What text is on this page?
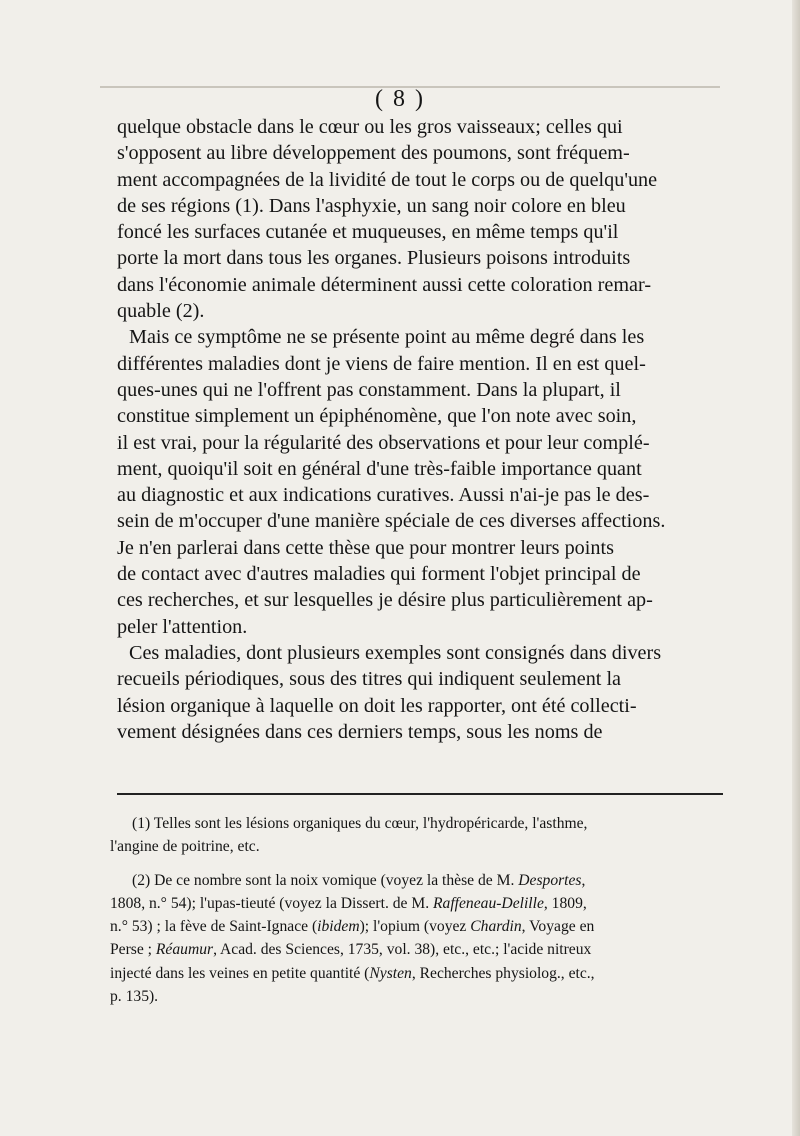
( 8 )
quelque obstacle dans le cœur ou les gros vaisseaux; celles qui
s'opposent au libre développement des poumons, sont fréquem-
ment accompagnées de la lividité de tout le corps ou de quelqu'une
de ses régions (1). Dans l'asphyxie, un sang noir colore en bleu
foncé les surfaces cutanée et muqueuses, en même temps qu'il
porte la mort dans tous les organes. Plusieurs poisons introduits
dans l'économie animale déterminent aussi cette coloration remar-
quable (2).
Mais ce symptôme ne se présente point au même degré dans les
différentes maladies dont je viens de faire mention. Il en est quel-
ques-unes qui ne l'offrent pas constamment. Dans la plupart, il
constitue simplement un épiphénomène, que l'on note avec soin,
il est vrai, pour la régularité des observations et pour leur complé-
ment, quoiqu'il soit en général d'une très-faible importance quant
au diagnostic et aux indications curatives. Aussi n'ai-je pas le des-
sein de m'occuper d'une manière spéciale de ces diverses affections.
Je n'en parlerai dans cette thèse que pour montrer leurs points
de contact avec d'autres maladies qui forment l'objet principal de
ces recherches, et sur lesquelles je désire plus particulièrement ap-
peler l'attention.
Ces maladies, dont plusieurs exemples sont consignés dans divers
recueils périodiques, sous des titres qui indiquent seulement la
lésion organique à laquelle on doit les rapporter, ont été collecti-
vement désignées dans ces derniers temps, sous les noms de
(1) Telles sont les lésions organiques du cœur, l'hydropéricarde, l'asthme,
l'angine de poitrine, etc.
(2) De ce nombre sont la noix vomique (voyez la thèse de M. Desportes,
1808, n.° 54); l'upas-tieuté (voyez la Dissert. de M. Raffeneau-Delille, 1809,
n.° 53) ; la fève de Saint-Ignace (ibidem); l'opium (voyez Chardin, Voyage en
Perse ; Réaumur, Acad. des Sciences, 1735, vol. 38), etc., etc.; l'acide nitreux
injecté dans les veines en petite quantité (Nysten, Recherches physiolog., etc.,
p. 135).
